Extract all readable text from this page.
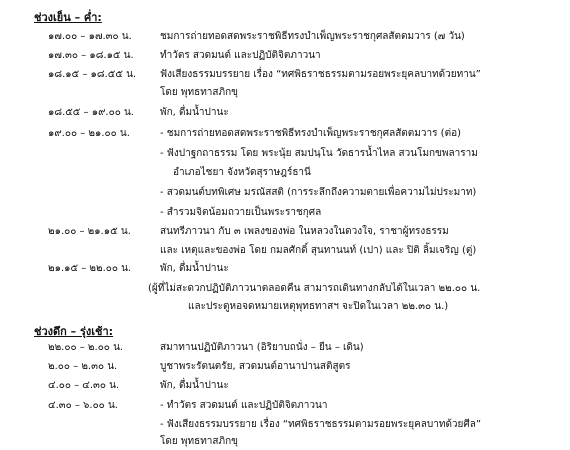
ช่วงเย็น – ค่ำ:
๑๗.๐๐ – ๑๗.๓๐ น.	ชมการถ่ายทอดสดพระราชพิธีทรงบำเพ็ญพระราชกุศลสัตตมวาร (๗ วัน)
๑๗.๓๐ – ๑๘.๑๕ น.	ทำวัตร สวดมนต์ และปฏิบัติจิตภาวนา
๑๘.๑๕ – ๑๘.๕๕ น.	ฟังเสียงธรรมบรรยาย เรื่อง “ทศพิธราชธรรมตามรอยพระยุคลบาทด้วยทาน”
โดย พุทธทาสภิกขุ
๑๘.๕๕ – ๑๙.๐๐ น.	พัก, ดื่มน้ำปานะ
๑๙.๐๐ – ๒๑.๐๐ น.	- ชมการถ่ายทอดสดพระราชพิธีทรงบำเพ็ญพระราชกุศลสัตตมวาร (ต่อ)
- ฟังปาฐกถาธรรม โดย พระนุ้ย สมปนฺโน วัดธารน้ำไหล สวนโมกขพลาราม
อำเภอไชยา จังหวัดสุราษฎร์ธานี
- สวดมนต์บทพิเศษ มรณัสสติ (การระลึกถึงความตายเพื่อความไม่ประมาท)
- สำรวมจิตน้อมถวายเป็นพระราชกุศล
๒๑.๐๐ – ๒๑.๑๕ น.	สนทรีภาวนา กับ ๓ เพลงของพ่อ ในหลวงในดวงใจ, ราชาผู้ทรงธรรม
และ เหตุและของพ่อ โดย กมลศักดิ์ สุนทานนท์ (เปา) และ ปิติ ลิ้มเจริญ (ตู่)
๒๑.๑๕ – ๒๒.๐๐ น.	พัก, ดื่มน้ำปานะ
(ผู้ที่ไม่สะดวกปฏิบัติภาวนาตลอดคืน สามารถเดินทางกลับได้ในเวลา ๒๒.๐๐ น.
และประตูหอจดหมายเหตุพุทธทาสฯ จะปิดในเวลา ๒๒.๓๐ น.)
ช่วงดึก – รุ่งเช้า:
๒๒.๐๐ – ๒.๐๐ น.	สมาทานปฏิบัติภาวนา (อิริยาบถนั่ง – ยืน – เดิน)
๒.๐๐ – ๒.๓๐ น.	บูชาพระรัตนตรัย, สวดมนต์อานาปานสติสูตร
๔.๐๐ – ๔.๓๐ น.	พัก, ดื่มน้ำปานะ
๔.๓๐ – ๖.๐๐ น.	- ทำวัตร สวดมนต์ และปฏิบัติจิตภาวนา
- ฟังเสียงธรรมบรรยาย เรื่อง “ทศพิธราชธรรมตามรอยพระยุคลบาทด้วยศีล”
โดย พุทธทาสภิกขุ
